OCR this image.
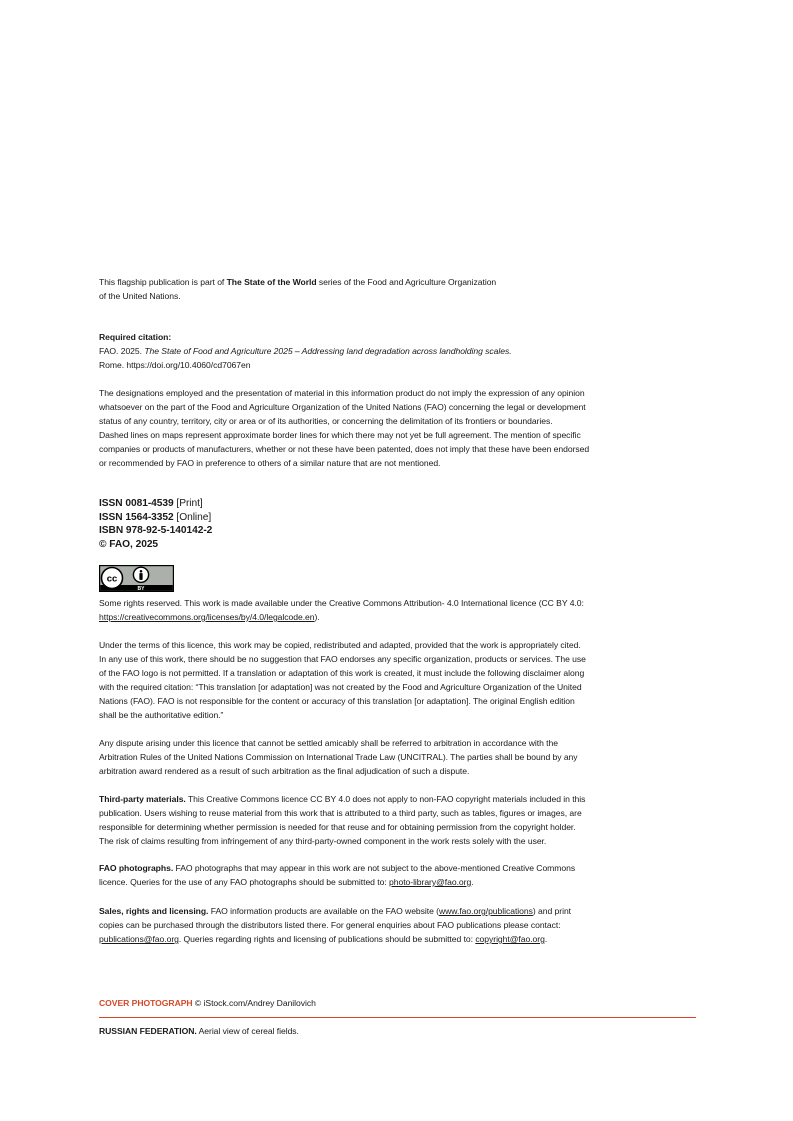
This flagship publication is part of The State of the World series of the Food and Agriculture Organization

of the United Nations.

Required citation:

FAO. 2025. The State of Food and Agriculture 2025 – Addressing land degradation across landholding scales.

Rome. https://doi.org/10.4060/cd7067en

The designations employed and the presentation of material in this information product do not imply the expression of any opinion

whatsoever on the part of the Food and Agriculture Organization of the United Nations (FAO) concerning the legal or development

status of any country, territory, city or area or of its authorities, or concerning the delimitation of its frontiers or boundaries.

Dashed lines on maps represent approximate border lines for which there may not yet be full agreement. The mention of specific

companies or products of manufacturers, whether or not these have been patented, does not imply that these have been endorsed

or recommended by FAO in preference to others of a similar nature that are not mentioned.

ISSN 0081-4539 [Print]

ISSN 1564-3352 [Online]

ISBN 978-92-5-140142-2

© FAO, 2025

cc
BY

Some rights reserved. This work is made available under the Creative Commons Attribution- 4.0 International licence (CC BY 4.0:

https://creativecommons.org/licenses/by/4.0/legalcode.en).

Under the terms of this licence, this work may be copied, redistributed and adapted, provided that the work is appropriately cited.

In any use of this work, there should be no suggestion that FAO endorses any specific organization, products or services. The use

of the FAO logo is not permitted. If a translation or adaptation of this work is created, it must include the following disclaimer along

with the required citation: “This translation [or adaptation] was not created by the Food and Agriculture Organization of the United

Nations (FAO). FAO is not responsible for the content or accuracy of this translation [or adaptation]. The original English edition

shall be the authoritative edition.”

Any dispute arising under this licence that cannot be settled amicably shall be referred to arbitration in accordance with the

Arbitration Rules of the United Nations Commission on International Trade Law (UNCITRAL). The parties shall be bound by any

arbitration award rendered as a result of such arbitration as the final adjudication of such a dispute.

Third-party materials. This Creative Commons licence CC BY 4.0 does not apply to non-FAO copyright materials included in this

publication. Users wishing to reuse material from this work that is attributed to a third party, such as tables, figures or images, are

responsible for determining whether permission is needed for that reuse and for obtaining permission from the copyright holder.

The risk of claims resulting from infringement of any third-party-owned component in the work rests solely with the user.

FAO photographs. FAO photographs that may appear in this work are not subject to the above-mentioned Creative Commons

licence. Queries for the use of any FAO photographs should be submitted to: photo-library@fao.org.

Sales, rights and licensing. FAO information products are available on the FAO website (www.fao.org/publications) and print

copies can be purchased through the distributors listed there. For general enquiries about FAO publications please contact:

publications@fao.org. Queries regarding rights and licensing of publications should be submitted to: copyright@fao.org.

COVER PHOTOGRAPH © iStock.com/Andrey Danilovich

RUSSIAN FEDERATION. Aerial view of cereal fields.
